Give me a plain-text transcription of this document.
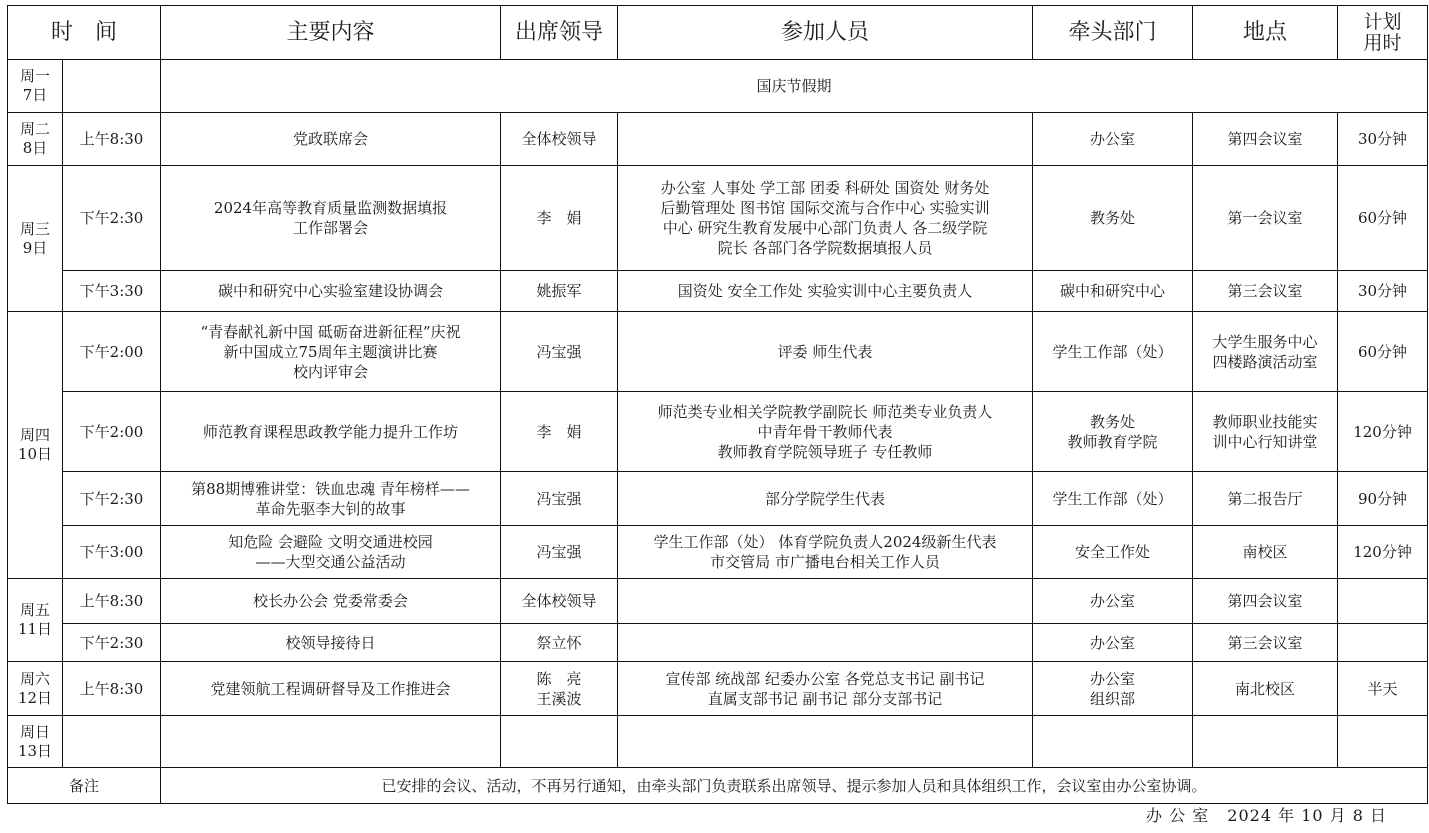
时　间		主要内容	出席领导	参加人员	牵头部门	地点	计划用时

周一
7日		国庆节假期					

周二
8日	上午8:30	党政联席会	全体校领导		办公室	第四会议室	30分钟

周三
9日	下午2:30	2024年高等教育质量监测数据填报
工作部署会	李　娟	办公室 人事处 学工部 团委 科研处 国资处 财务处
后勤管理处 图书馆 国际交流与合作中心 实验实训
中心 研究生教育发展中心部门负责人 各二级学院
院长 各部门各学院数据填报人员	教务处	第一会议室	60分钟
	下午3:30	碳中和研究中心实验室建设协调会	姚振军	国资处 安全工作处 实验实训中心主要负责人	碳中和研究中心	第三会议室	30分钟

周四
10日	下午2:00	“青春献礼新中国 砥砺奋进新征程”庆祝
新中国成立75周年主题演讲比赛
校内评审会	冯宝强	评委 师生代表	学生工作部（处）	大学生服务中心
四楼路演活动室	60分钟
	下午2:00	师范教育课程思政教学能力提升工作坊	李　娟	师范类专业相关学院教学副院长 师范类专业负责人
中青年骨干教师代表
教师教育学院领导班子 专任教师	教务处
教师教育学院	教师职业技能实
训中心行知讲堂	120分钟
	下午2:30	第88期博雅讲堂：铁血忠魂 青年榜样——
革命先驱李大钊的故事	冯宝强	部分学院学生代表	学生工作部（处）	第二报告厅	90分钟
	下午3:00	知危险 会避险 文明交通进校园
——大型交通公益活动	冯宝强	学生工作部（处） 体育学院负责人2024级新生代表
市交管局 市广播电台相关工作人员	安全工作处	南校区	120分钟

周五
11日	上午8:30	校长办公会 党委常委会	全体校领导		办公室	第四会议室	

	下午2:30	校领导接待日	祭立怀		办公室	第三会议室	

周六
12日	上午8:30	党建领航工程调研督导及工作推进会	陈　亮
王溪波	宣传部 统战部 纪委办公室 各党总支书记 副书记
直属支部书记 副书记 部分支部书记	办公室
组织部	南北校区	半天

周日
13日							

备注		已安排的会议、活动，不再另行通知，由牵头部门负责联系出席领导、提示参加人员和具体组织工作，会议室由办公室协调。					
办 公 室 2024 年 10 月 8 日
